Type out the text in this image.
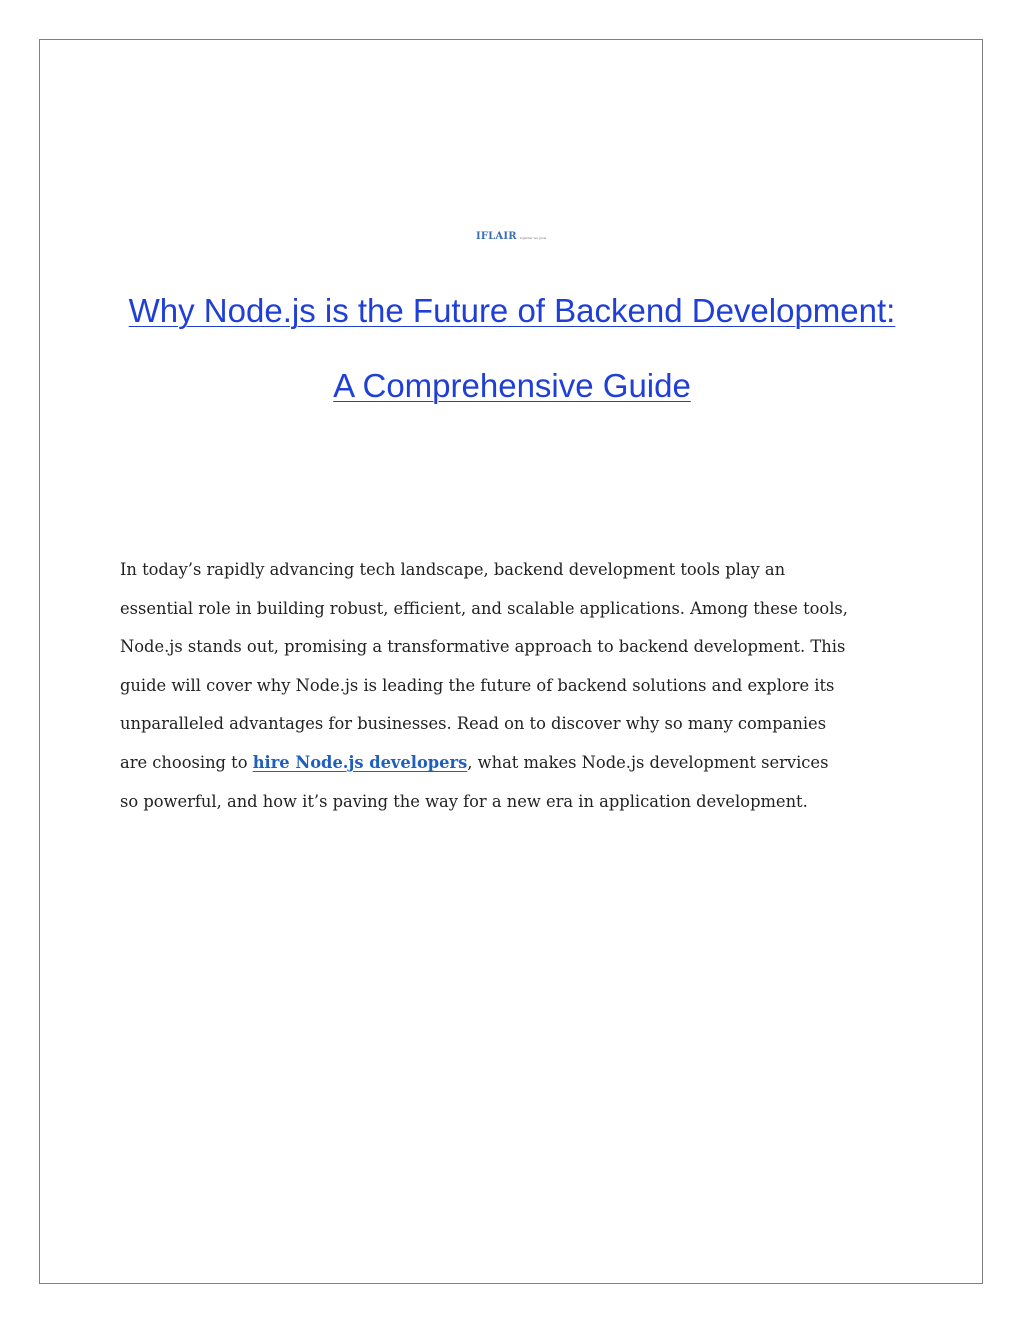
IFLAIR together we grow
Why Node.js is the Future of Backend Development:
A Comprehensive Guide
In today’s rapidly advancing tech landscape, backend development tools play an
essential role in building robust, efficient, and scalable applications. Among these tools,
Node.js stands out, promising a transformative approach to backend development. This
guide will cover why Node.js is leading the future of backend solutions and explore its
unparalleled advantages for businesses. Read on to discover why so many companies
are choosing to hire Node.js developers, what makes Node.js development services
so powerful, and how it’s paving the way for a new era in application development.
